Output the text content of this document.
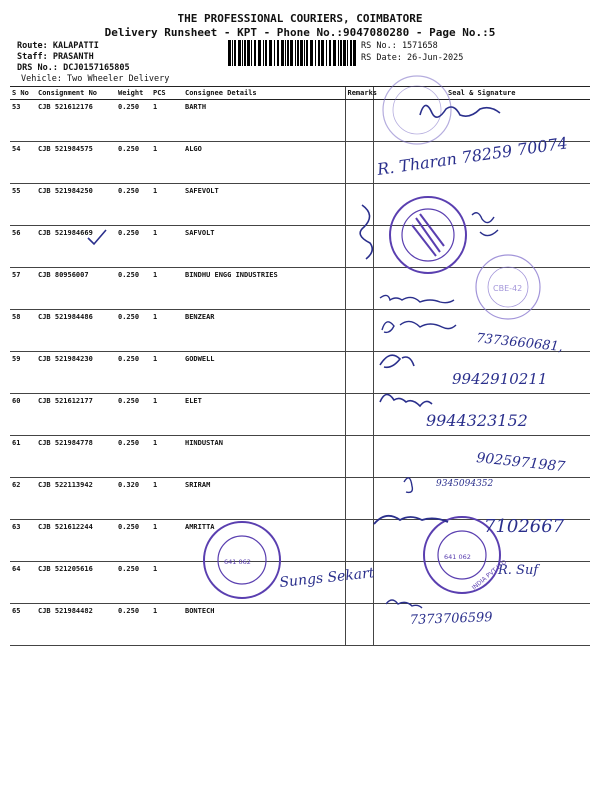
THE PROFESSIONAL COURIERS, COIMBATORE
Delivery Runsheet - KPT - Phone No.:9047080280 - Page No.:5
Route: KALAPATTI
Staff: PRASANTH
DRS No.: DCJ0157165805
Vehicle: Two Wheeler Delivery
RS No.: 1571658
RS Date: 26-Jun-2025
S No	Consignment No	Weight	PCS	Consignee Details	Remarks	Seal & Signature
53	CJB 521612176	0.250	1	BARTH		
54	CJB 521984575	0.250	1	ALGO		
55	CJB 521984250	0.250	1	SAFEVOLT		
56	CJB 521984669	0.250	1	SAFVOLT		
57	CJB 80956007	0.250	1	BINDHU ENGG INDUSTRIES		
58	CJB 521984486	0.250	1	BENZEAR		
59	CJB 521984230	0.250	1	GODWELL		
60	CJB 521612177	0.250	1	ELET		
61	CJB 521984778	0.250	1	HINDUSTAN		
62	CJB 522113942	0.320	1	SRIRAM		
63	CJB 521612244	0.250	1	AMRITTA		
64	CJB 521205616	0.250	1			
65	CJB 521984482	0.250	1	BONTECH		
CBE-42
641 062
641 062
INDIA PVT LTD
R. Tharan 78259 70074
7373660681,
9942910211
9944323152
9025971987
9345094352
7102667
Sungs Sekart	R. Suf
7373706599
